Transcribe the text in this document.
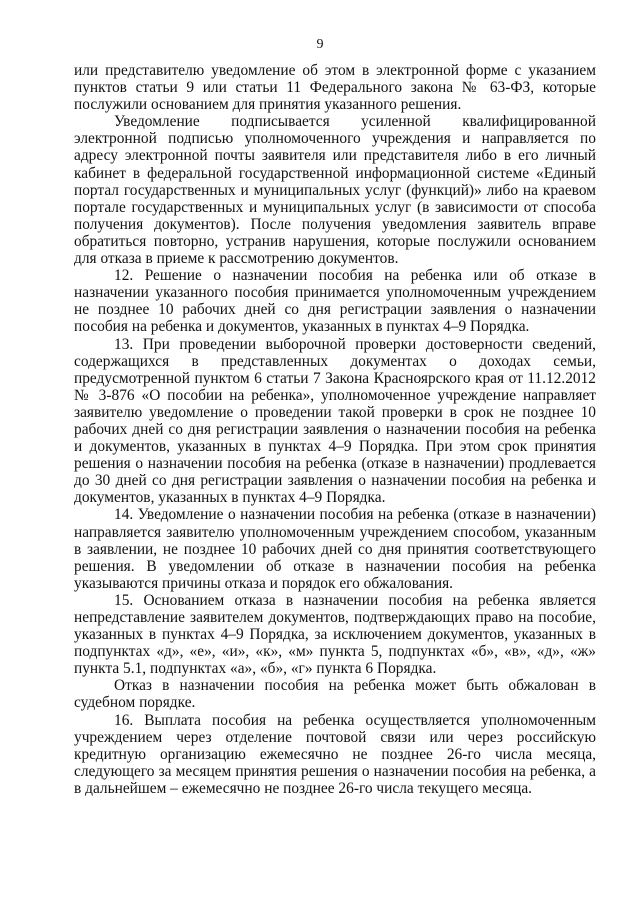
9

или представителю уведомление об этом в электронной форме с указанием пунктов статьи 9 или статьи 11 Федерального закона № 63-ФЗ, которые послужили основанием для принятия указанного решения.

Уведомление подписывается усиленной квалифицированной электронной подписью уполномоченного учреждения и направляется по адресу электронной почты заявителя или представителя либо в его личный кабинет в федеральной государственной информационной системе «Единый портал государственных и муниципальных услуг (функций)» либо на краевом портале государственных и муниципальных услуг (в зависимости от способа получения документов). После получения уведомления заявитель вправе обратиться повторно, устранив нарушения, которые послужили основанием для отказа в приеме к рассмотрению документов.

12. Решение о назначении пособия на ребенка или об отказе в назначении указанного пособия принимается уполномоченным учреждением не позднее 10 рабочих дней со дня регистрации заявления о назначении пособия на ребенка и документов, указанных в пунктах 4–9 Порядка.

13. При проведении выборочной проверки достоверности сведений, содержащихся в представленных документах о доходах семьи, предусмотренной пунктом 6 статьи 7 Закона Красноярского края от 11.12.2012 № 3-876 «О пособии на ребенка», уполномоченное учреждение направляет заявителю уведомление о проведении такой проверки в срок не позднее 10 рабочих дней со дня регистрации заявления о назначении пособия на ребенка и документов, указанных в пунктах 4–9 Порядка. При этом срок принятия решения о назначении пособия на ребенка (отказе в назначении) продлевается до 30 дней со дня регистрации заявления о назначении пособия на ребенка и документов, указанных в пунктах 4–9 Порядка.

14. Уведомление о назначении пособия на ребенка (отказе в назначении) направляется заявителю уполномоченным учреждением способом, указанным в заявлении, не позднее 10 рабочих дней со дня принятия соответствующего решения. В уведомлении об отказе в назначении пособия на ребенка указываются причины отказа и порядок его обжалования.

15. Основанием отказа в назначении пособия на ребенка является непредставление заявителем документов, подтверждающих право на пособие, указанных в пунктах 4–9 Порядка, за исключением документов, указанных в подпунктах «д», «е», «и», «к», «м» пункта 5, подпунктах «б», «в», «д», «ж» пункта 5.1, подпунктах «а», «б», «г» пункта 6 Порядка.

Отказ в назначении пособия на ребенка может быть обжалован в судебном порядке.

16. Выплата пособия на ребенка осуществляется уполномоченным учреждением через отделение почтовой связи или через российскую кредитную организацию ежемесячно не позднее 26-го числа месяца, следующего за месяцем принятия решения о назначении пособия на ребенка, а в дальнейшем – ежемесячно не позднее 26-го числа текущего месяца.
